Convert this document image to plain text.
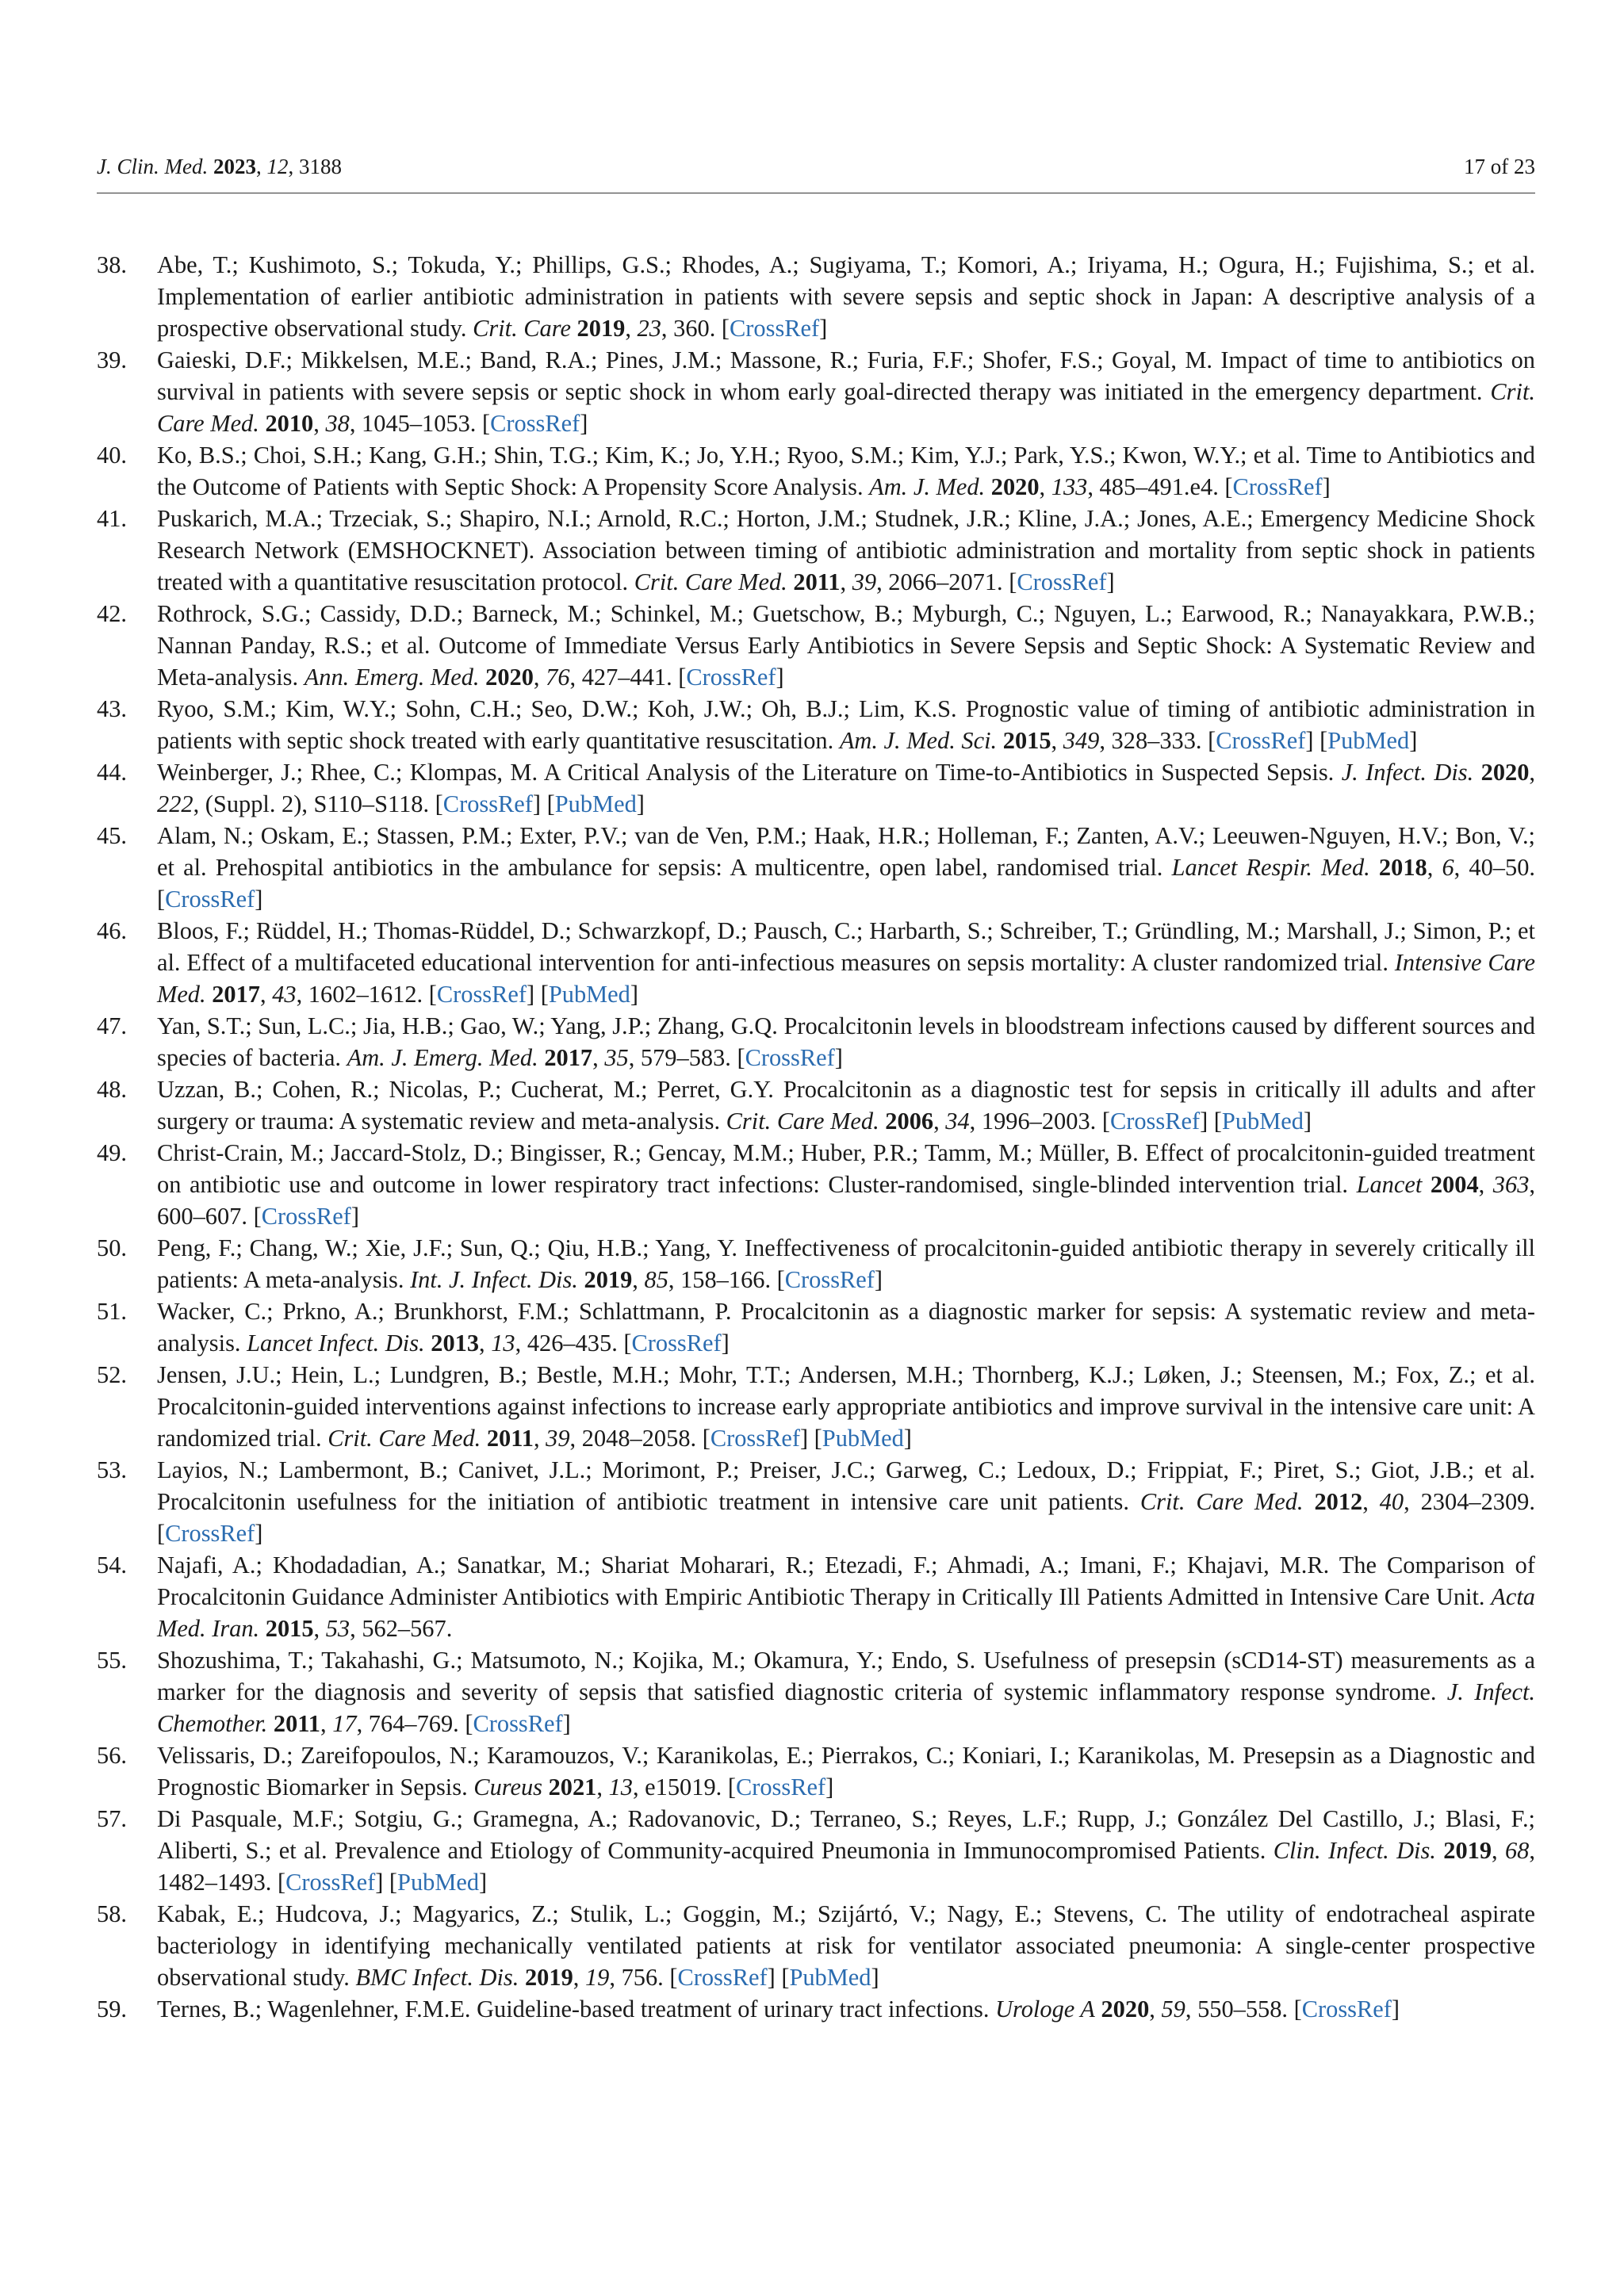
J. Clin. Med. 2023, 12, 3188	17 of 23
38. Abe, T.; Kushimoto, S.; Tokuda, Y.; Phillips, G.S.; Rhodes, A.; Sugiyama, T.; Komori, A.; Iriyama, H.; Ogura, H.; Fujishima, S.; et al. Implementation of earlier antibiotic administration in patients with severe sepsis and septic shock in Japan: A descriptive analysis of a prospective observational study. Crit. Care 2019, 23, 360. [CrossRef]
39. Gaieski, D.F.; Mikkelsen, M.E.; Band, R.A.; Pines, J.M.; Massone, R.; Furia, F.F.; Shofer, F.S.; Goyal, M. Impact of time to antibiotics on survival in patients with severe sepsis or septic shock in whom early goal-directed therapy was initiated in the emergency department. Crit. Care Med. 2010, 38, 1045–1053. [CrossRef]
40. Ko, B.S.; Choi, S.H.; Kang, G.H.; Shin, T.G.; Kim, K.; Jo, Y.H.; Ryoo, S.M.; Kim, Y.J.; Park, Y.S.; Kwon, W.Y.; et al. Time to Antibiotics and the Outcome of Patients with Septic Shock: A Propensity Score Analysis. Am. J. Med. 2020, 133, 485–491.e4. [CrossRef]
41. Puskarich, M.A.; Trzeciak, S.; Shapiro, N.I.; Arnold, R.C.; Horton, J.M.; Studnek, J.R.; Kline, J.A.; Jones, A.E.; Emergency Medicine Shock Research Network (EMSHOCKNET). Association between timing of antibiotic administration and mortality from septic shock in patients treated with a quantitative resuscitation protocol. Crit. Care Med. 2011, 39, 2066–2071. [CrossRef]
42. Rothrock, S.G.; Cassidy, D.D.; Barneck, M.; Schinkel, M.; Guetschow, B.; Myburgh, C.; Nguyen, L.; Earwood, R.; Nanayakkara, P.W.B.; Nannan Panday, R.S.; et al. Outcome of Immediate Versus Early Antibiotics in Severe Sepsis and Septic Shock: A Systematic Review and Meta-analysis. Ann. Emerg. Med. 2020, 76, 427–441. [CrossRef]
43. Ryoo, S.M.; Kim, W.Y.; Sohn, C.H.; Seo, D.W.; Koh, J.W.; Oh, B.J.; Lim, K.S. Prognostic value of timing of antibiotic administration in patients with septic shock treated with early quantitative resuscitation. Am. J. Med. Sci. 2015, 349, 328–333. [CrossRef] [PubMed]
44. Weinberger, J.; Rhee, C.; Klompas, M. A Critical Analysis of the Literature on Time-to-Antibiotics in Suspected Sepsis. J. Infect. Dis. 2020, 222, (Suppl. 2), S110–S118. [CrossRef] [PubMed]
45. Alam, N.; Oskam, E.; Stassen, P.M.; Exter, P.V.; van de Ven, P.M.; Haak, H.R.; Holleman, F.; Zanten, A.V.; Leeuwen-Nguyen, H.V.; Bon, V.; et al. Prehospital antibiotics in the ambulance for sepsis: A multicentre, open label, randomised trial. Lancet Respir. Med. 2018, 6, 40–50. [CrossRef]
46. Bloos, F.; Rüddel, H.; Thomas-Rüddel, D.; Schwarzkopf, D.; Pausch, C.; Harbarth, S.; Schreiber, T.; Gründling, M.; Marshall, J.; Simon, P.; et al. Effect of a multifaceted educational intervention for anti-infectious measures on sepsis mortality: A cluster randomized trial. Intensive Care Med. 2017, 43, 1602–1612. [CrossRef] [PubMed]
47. Yan, S.T.; Sun, L.C.; Jia, H.B.; Gao, W.; Yang, J.P.; Zhang, G.Q. Procalcitonin levels in bloodstream infections caused by different sources and species of bacteria. Am. J. Emerg. Med. 2017, 35, 579–583. [CrossRef]
48. Uzzan, B.; Cohen, R.; Nicolas, P.; Cucherat, M.; Perret, G.Y. Procalcitonin as a diagnostic test for sepsis in critically ill adults and after surgery or trauma: A systematic review and meta-analysis. Crit. Care Med. 2006, 34, 1996–2003. [CrossRef] [PubMed]
49. Christ-Crain, M.; Jaccard-Stolz, D.; Bingisser, R.; Gencay, M.M.; Huber, P.R.; Tamm, M.; Müller, B. Effect of procalcitonin-guided treatment on antibiotic use and outcome in lower respiratory tract infections: Cluster-randomised, single-blinded intervention trial. Lancet 2004, 363, 600–607. [CrossRef]
50. Peng, F.; Chang, W.; Xie, J.F.; Sun, Q.; Qiu, H.B.; Yang, Y. Ineffectiveness of procalcitonin-guided antibiotic therapy in severely critically ill patients: A meta-analysis. Int. J. Infect. Dis. 2019, 85, 158–166. [CrossRef]
51. Wacker, C.; Prkno, A.; Brunkhorst, F.M.; Schlattmann, P. Procalcitonin as a diagnostic marker for sepsis: A systematic review and meta-analysis. Lancet Infect. Dis. 2013, 13, 426–435. [CrossRef]
52. Jensen, J.U.; Hein, L.; Lundgren, B.; Bestle, M.H.; Mohr, T.T.; Andersen, M.H.; Thornberg, K.J.; Løken, J.; Steensen, M.; Fox, Z.; et al. Procalcitonin-guided interventions against infections to increase early appropriate antibiotics and improve survival in the intensive care unit: A randomized trial. Crit. Care Med. 2011, 39, 2048–2058. [CrossRef] [PubMed]
53. Layios, N.; Lambermont, B.; Canivet, J.L.; Morimont, P.; Preiser, J.C.; Garweg, C.; Ledoux, D.; Frippiat, F.; Piret, S.; Giot, J.B.; et al. Procalcitonin usefulness for the initiation of antibiotic treatment in intensive care unit patients. Crit. Care Med. 2012, 40, 2304–2309. [CrossRef]
54. Najafi, A.; Khodadadian, A.; Sanatkar, M.; Shariat Moharari, R.; Etezadi, F.; Ahmadi, A.; Imani, F.; Khajavi, M.R. The Comparison of Procalcitonin Guidance Administer Antibiotics with Empiric Antibiotic Therapy in Critically Ill Patients Admitted in Intensive Care Unit. Acta Med. Iran. 2015, 53, 562–567.
55. Shozushima, T.; Takahashi, G.; Matsumoto, N.; Kojika, M.; Okamura, Y.; Endo, S. Usefulness of presepsin (sCD14-ST) measurements as a marker for the diagnosis and severity of sepsis that satisfied diagnostic criteria of systemic inflammatory response syndrome. J. Infect. Chemother. 2011, 17, 764–769. [CrossRef]
56. Velissaris, D.; Zareifopoulos, N.; Karamouzos, V.; Karanikolas, E.; Pierrakos, C.; Koniari, I.; Karanikolas, M. Presepsin as a Diagnostic and Prognostic Biomarker in Sepsis. Cureus 2021, 13, e15019. [CrossRef]
57. Di Pasquale, M.F.; Sotgiu, G.; Gramegna, A.; Radovanovic, D.; Terraneo, S.; Reyes, L.F.; Rupp, J.; González Del Castillo, J.; Blasi, F.; Aliberti, S.; et al. Prevalence and Etiology of Community-acquired Pneumonia in Immunocompromised Patients. Clin. Infect. Dis. 2019, 68, 1482–1493. [CrossRef] [PubMed]
58. Kabak, E.; Hudcova, J.; Magyarics, Z.; Stulik, L.; Goggin, M.; Szijártó, V.; Nagy, E.; Stevens, C. The utility of endotracheal aspirate bacteriology in identifying mechanically ventilated patients at risk for ventilator associated pneumonia: A single-center prospective observational study. BMC Infect. Dis. 2019, 19, 756. [CrossRef] [PubMed]
59. Ternes, B.; Wagenlehner, F.M.E. Guideline-based treatment of urinary tract infections. Urologe A 2020, 59, 550–558. [CrossRef]
